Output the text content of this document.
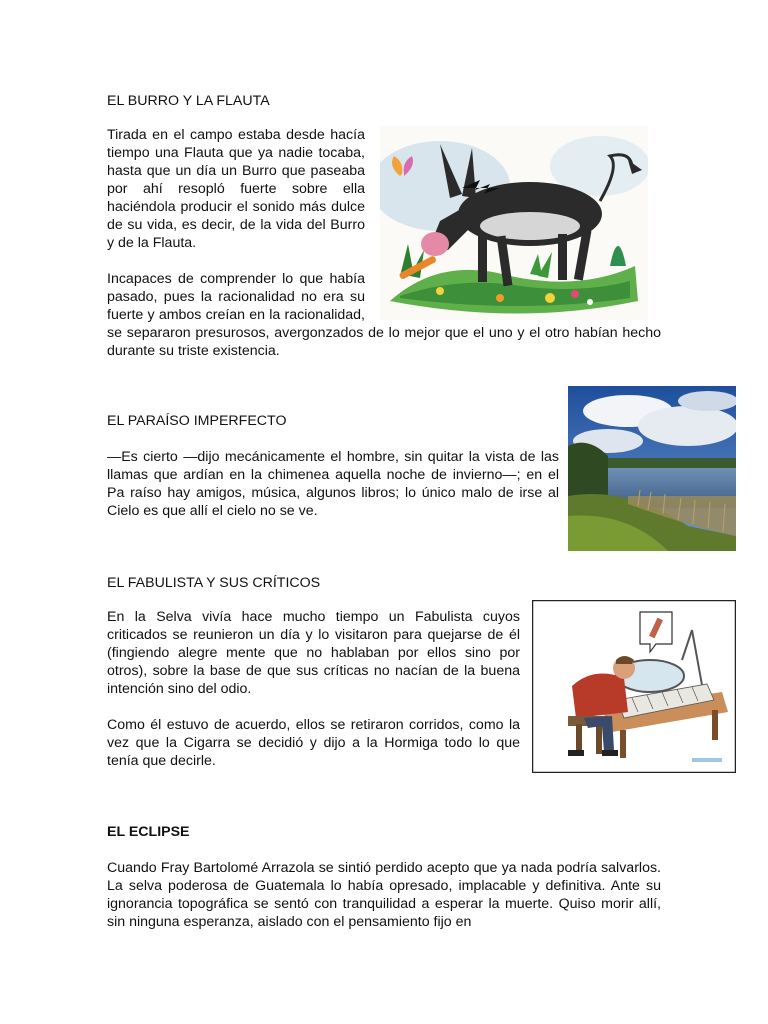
EL BURRO Y LA FLAUTA

Tirada en el campo estaba desde hacía tiempo una Flauta que ya nadie tocaba, hasta que un día un Burro que paseaba por ahí resopló fuerte sobre ella haciéndola producir el sonido más dulce de su vida, es decir, de la vida del Burro y de la Flauta.

Incapaces de comprender lo que había pasado, pues la racionalidad no era su fuerte y ambos creían en la racionalidad, se separaron presurosos, avergonzados de lo mejor que el uno y el otro habían hecho durante su triste existencia.

EL PARAÍSO IMPERFECTO

—Es cierto —dijo mecánicamente el hombre, sin quitar la vista de las llamas que ardían en la chimenea aquella noche de invierno—; en el Pa raíso hay amigos, música, algunos libros; lo único malo de irse al Cielo es que allí el cielo no se ve.

EL FABULISTA Y SUS CRÍTICOS

En la Selva vivía hace mucho tiempo un Fabulista cuyos criticados se reunieron un día y lo visitaron para quejarse de él (fingiendo alegre mente que no hablaban por ellos sino por otros), sobre la base de que sus críticas no nacían de la buena intención sino del odio.

Como él estuvo de acuerdo, ellos se retiraron corridos, como la vez que la Cigarra se decidió y dijo a la Hormiga todo lo que tenía que decirle.

EL ECLIPSE

Cuando Fray Bartolomé Arrazola se sintió perdido acepto que ya nada podría salvarlos. La selva poderosa de Guatemala lo había opresado, implacable y definitiva. Ante su ignorancia topográfica se sentó con tranquilidad a esperar la muerte. Quiso morir allí, sin ninguna esperanza, aislado con el pensamiento fijo en
